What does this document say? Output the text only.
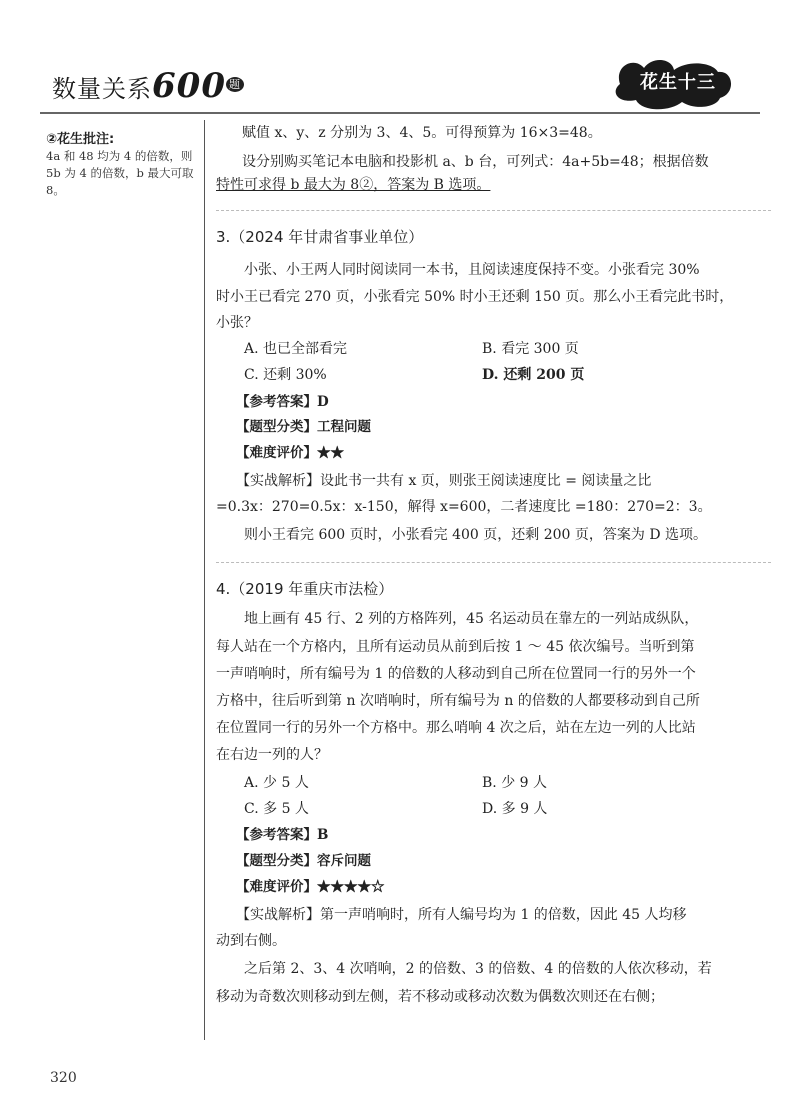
数量关系600 $^题$	花生十三
②花生批注:
4a 和 48 均为 4 的倍数，则 5b 为 4 的倍数，b 最大可取 8。
赋值 x、y、z 分别为 3、4、5。可得预算为 16×3=48。
设分别购买笔记本电脑和投影机 a、b 台，可列式：4a+5b=48；根据倍数
特性可求得 b 最大为 8②，答案为 B 选项。
3.（2024 年甘肃省事业单位）
小张、小王两人同时阅读同一本书，且阅读速度保持不变。小张看完 30%
时小王已看完 270 页，小张看完 50% 时小王还剩 150 页。那么小王看完此书时，
小张？
A. 也已全部看完	B. 看完 300 页
C. 还剩 30%	D. 还剩 200 页
【参考答案】D
【题型分类】工程问题
【难度评价】★★
【实战解析】设此书一共有 x 页，则张王阅读速度比 = 阅读量之比
=0.3x：270=0.5x：x-150，解得 x=600，二者速度比 =180：270=2：3。
则小王看完 600 页时，小张看完 400 页，还剩 200 页，答案为 D 选项。
4.（2019 年重庆市法检）
地上画有 45 行、2 列的方格阵列，45 名运动员在靠左的一列站成纵队，
每人站在一个方格内，且所有运动员从前到后按 1 ～ 45 依次编号。当听到第
一声哨响时，所有编号为 1 的倍数的人移动到自己所在位置同一行的另外一个
方格中，往后听到第 n 次哨响时，所有编号为 n 的倍数的人都要移动到自己所
在位置同一行的另外一个方格中。那么哨响 4 次之后，站在左边一列的人比站
在右边一列的人？
A. 少 5 人	B. 少 9 人
C. 多 5 人	D. 多 9 人
【参考答案】B
【题型分类】容斥问题
【难度评价】★★★★☆
【实战解析】第一声哨响时，所有人编号均为 1 的倍数，因此 45 人均移
动到右侧。
之后第 2、3、4 次哨响，2 的倍数、3 的倍数、4 的倍数的人依次移动，若
移动为奇数次则移动到左侧，若不移动或移动次数为偶数次则还在右侧；
320
